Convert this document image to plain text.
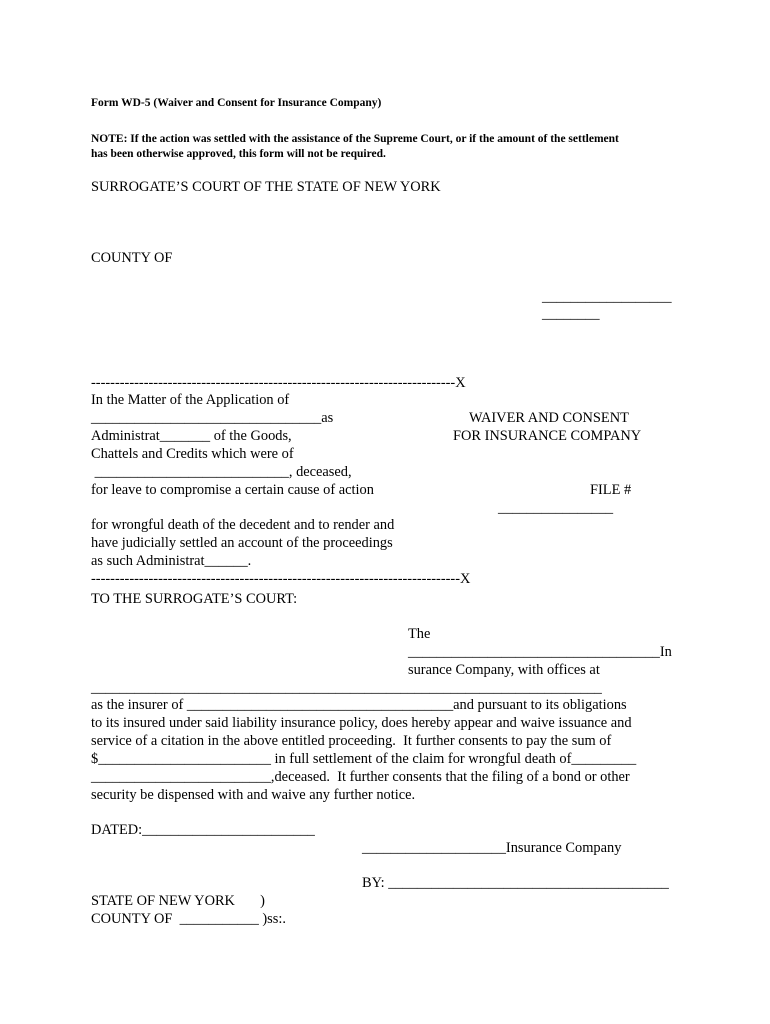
Form WD-5 (Waiver and Consent for Insurance Company)
NOTE: If the action was settled with the assistance of the Supreme Court, or if the amount of the settlement
has been otherwise approved, this form will not be required.
SURROGATE’S COURT OF THE STATE OF NEW YORK
COUNTY OF
__________________
________
----------------------------------------------------------------------------X
In the Matter of the Application of
________________________________as	WAIVER AND CONSENT
Administrat_______ of the Goods,	FOR INSURANCE COMPANY
Chattels and Credits which were of
___________________________, deceased,
for leave to compromise a certain cause of action	FILE #
________________
for wrongful death of the decedent and to render and
have judicially settled an account of the proceedings
as such Administrat______.
-----------------------------------------------------------------------------X
TO THE SURROGATE’S COURT:
The
___________________________________In
surance Company, with offices at
_______________________________________________________________________
as the insurer of _____________________________________and pursuant to its obligations
to its insured under said liability insurance policy, does hereby appear and waive issuance and
service of a citation in the above entitled proceeding.  It further consents to pay the sum of
$________________________ in full settlement of the claim for wrongful death of_________
_________________________,deceased.  It further consents that the filing of a bond or other
security be dispensed with and waive any further notice.
DATED:________________________
____________________Insurance Company
BY: _______________________________________
STATE OF NEW YORK       )
COUNTY OF  ___________ )ss:.
